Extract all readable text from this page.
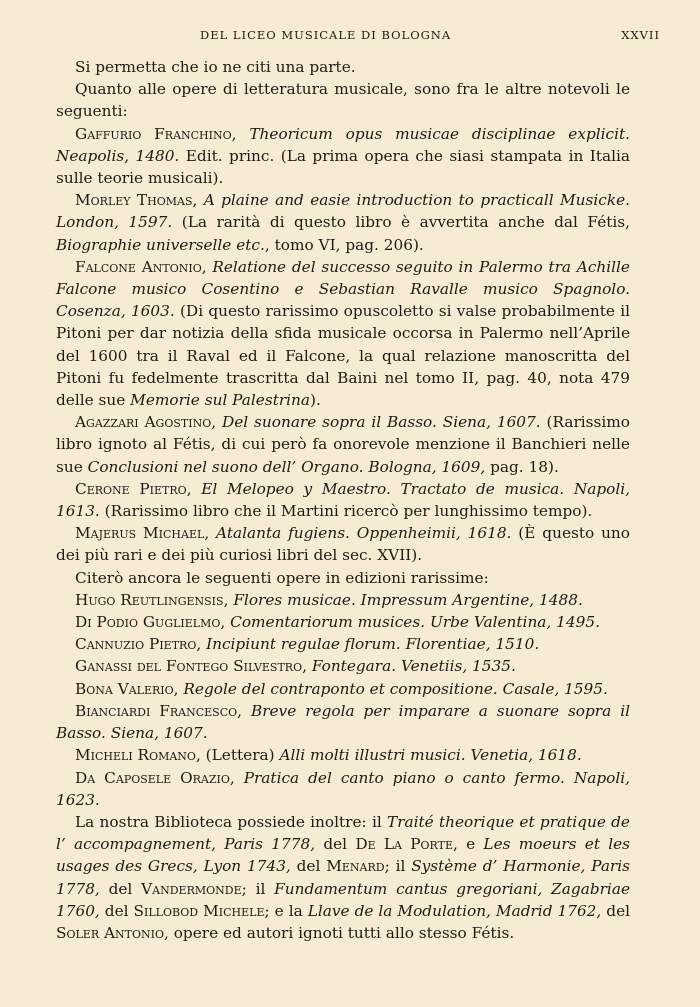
DEL LICEO MUSICALE DI BOLOGNA	XXVII

Si permetta che io ne citi una parte.

Quanto alle opere di letteratura musicale, sono fra le altre notevoli le seguenti:

Gaffurio Franchino, Theoricum opus musicae disciplinae explicit. Neapolis, 1480. Edit. princ. (La prima opera che siasi stampata in Italia sulle teorie musicali).

Morley Thomas, A plaine and easie introduction to practicall Musicke. London, 1597. (La rarità di questo libro è avvertita anche dal Fétis, Biographie universelle etc., tomo VI, pag. 206).

Falcone Antonio, Relatione del successo seguito in Palermo tra Achille Falcone musico Cosentino e Sebastian Ravalle musico Spagnolo. Cosenza, 1603. (Di questo rarissimo opuscoletto si valse probabilmente il Pitoni per dar notizia della sfida musicale occorsa in Palermo nell’Aprile del 1600 tra il Raval ed il Falcone, la qual relazione manoscritta del Pitoni fu fedelmente trascritta dal Baini nel tomo II, pag. 40, nota 479 delle sue Memorie sul Palestrina).

Agazzari Agostino, Del suonare sopra il Basso. Siena, 1607. (Rarissimo libro ignoto al Fétis, di cui però fa onorevole menzione il Banchieri nelle sue Conclusioni nel suono dell’ Organo. Bologna, 1609, pag. 18).

Cerone Pietro, El Melopeo y Maestro. Tractato de musica. Napoli, 1613. (Rarissimo libro che il Martini ricercò per lunghissimo tempo).

Majerus Michael, Atalanta fugiens. Oppenheimii, 1618. (È questo uno dei più rari e dei più curiosi libri del sec. XVII).

Citerò ancora le seguenti opere in edizioni rarissime:

Hugo Reutlingensis, Flores musicae. Impressum Argentine, 1488.

Di Podio Guglielmo, Comentariorum musices. Urbe Valentina, 1495.

Cannuzio Pietro, Incipiunt regulae florum. Florentiae, 1510.

Ganassi del Fontego Silvestro, Fontegara. Venetiis, 1535.

Bona Valerio, Regole del contraponto et compositione. Casale, 1595.

Bianciardi Francesco, Breve regola per imparare a suonare sopra il Basso. Siena, 1607.

Micheli Romano, (Lettera) Alli molti illustri musici. Venetia, 1618.

Da Caposele Orazio, Pratica del canto piano o canto fermo. Napoli, 1623.

La nostra Biblioteca possiede inoltre: il Traité theorique et pratique de l’ accompagnement, Paris 1778, del De La Porte, e Les moeurs et les usages des Grecs, Lyon 1743, del Menard; il Système d’ Harmonie, Paris 1778, del Vandermonde; il Fundamentum cantus gregoriani, Zagabriae 1760, del Sillobod Michele; e la Llave de la Modulation, Madrid 1762, del Soler Antonio, opere ed autori ignoti tutti allo stesso Fétis.
